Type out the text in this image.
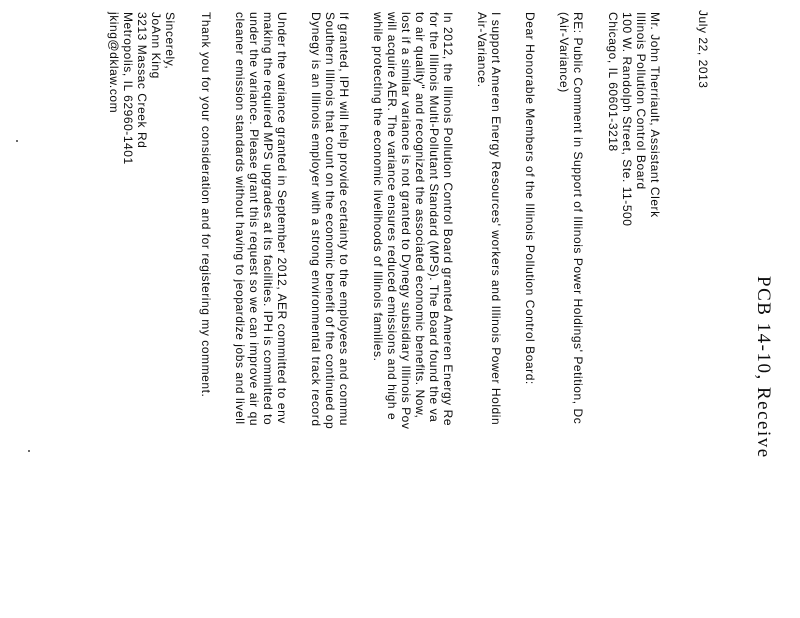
PCB 14-10, Receive
July 22, 2013
Mr. John Therriault, Assistant Clerk
Illinois Pollution Control Board
100 W. Randolph Street, Ste. 11-500
Chicago, IL 60601-3218
RE: Public Comment in Support of Illinois Power Holdings' Petition, Dc
(Air-Variance)
Dear Honorable Members of the Illinois Pollution Control Board:
I support Ameren Energy Resources' workers and Illinois Power Holdin
Air-Variance.
In 2012, the Illinois Pollution Control Board granted Ameren Energy Re
for the Illinois Multi-Pollutant Standard (MPS). The Board found the va
to air quality" and recognized the associated economic benefits. Now,
lost if a similar variance is not granted to Dynegy subsidiary Illinois Pov
will acquire AER. The variance ensures reduced emissions and high e
while protecting the economic livelihoods of Illinois families.
If granted, IPH will help provide certainty to the employees and commu
Southern Illinois that count on the economic benefit of the continued op
Dynegy is an Illinois employer with a strong environmental track record
Under the variance granted in September 2012, AER committed to env
making the required MPS upgrades at its facilities. IPH is committed to
under the variance. Please grant this request so we can improve air qu
cleaner emission standards without having to jeopardize jobs and livell
Thank you for your consideration and for registering my comment.
Sincerely,
JoAnn King
3213 Massac Creek Rd
Metropolis, IL 62960-1401
jking@dklaw.com
